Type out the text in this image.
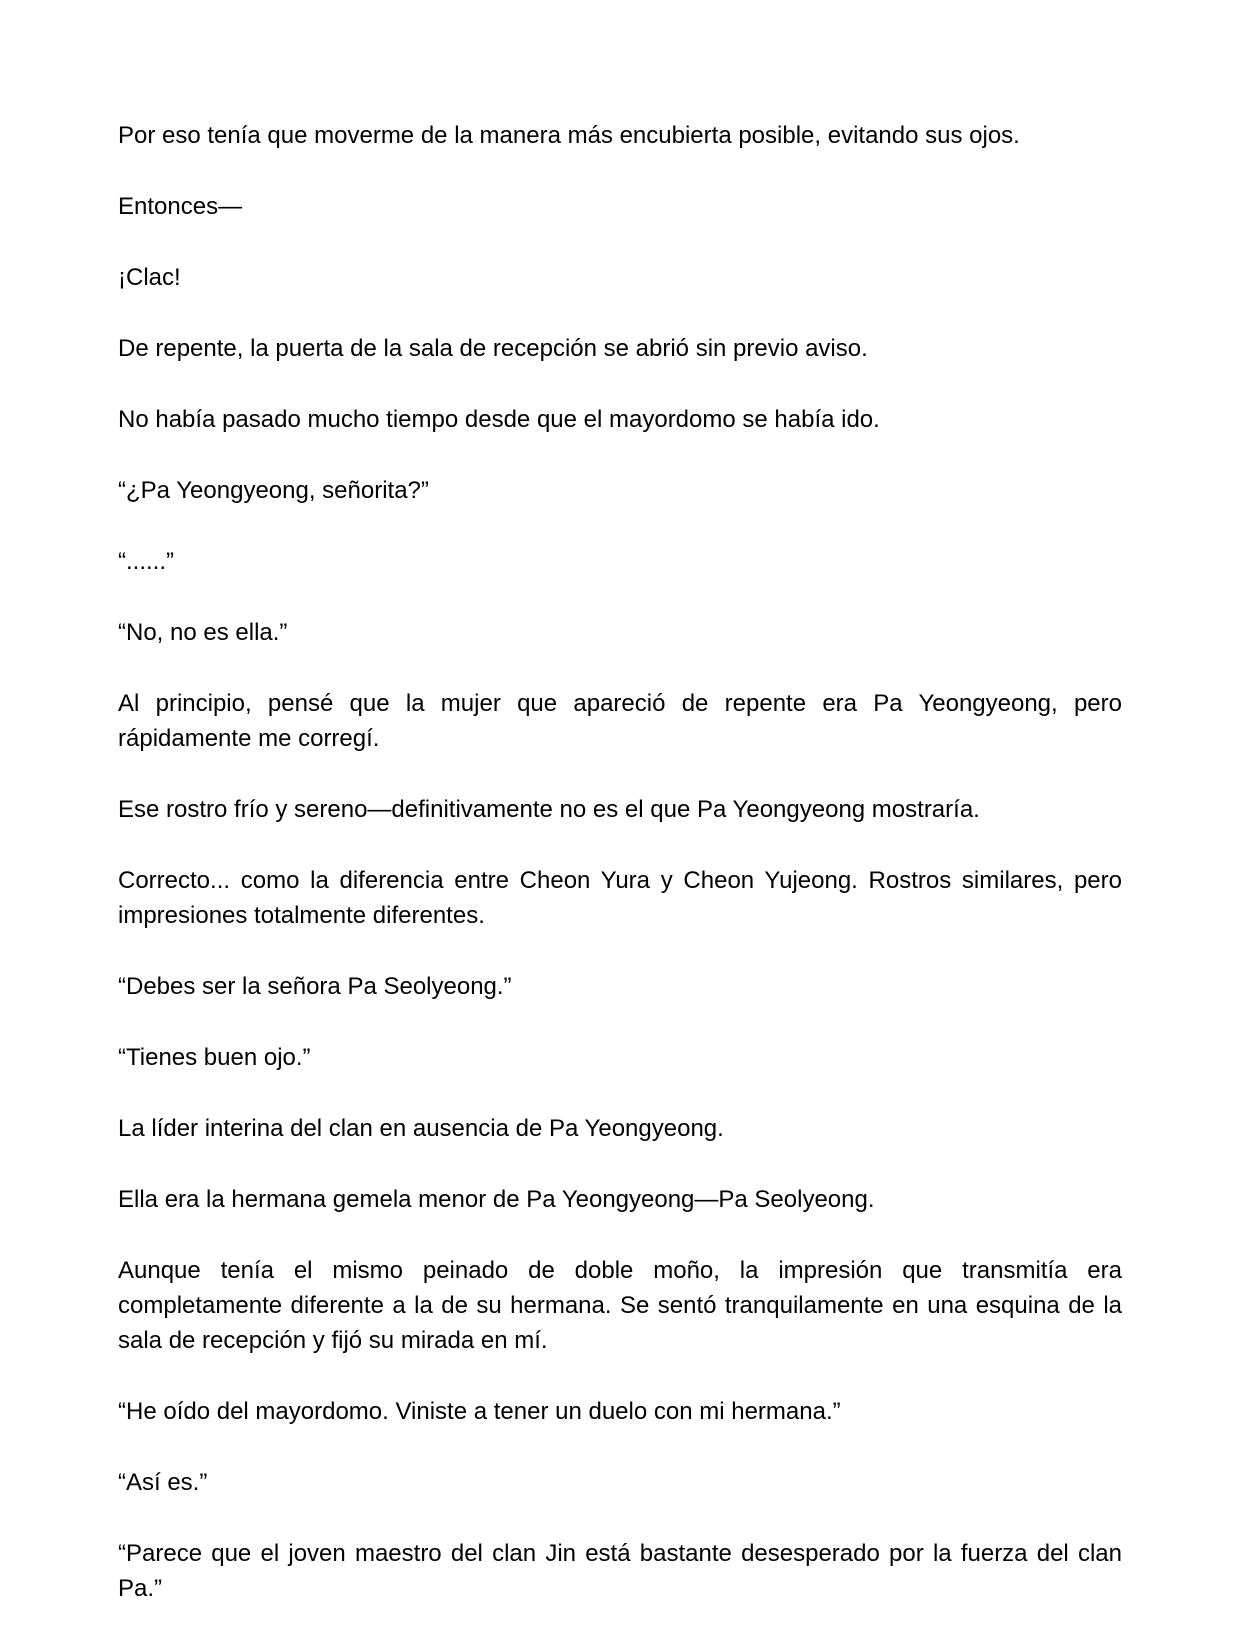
Por eso tenía que moverme de la manera más encubierta posible, evitando sus ojos.

Entonces—

¡Clac!

De repente, la puerta de la sala de recepción se abrió sin previo aviso.

No había pasado mucho tiempo desde que el mayordomo se había ido.

“¿Pa Yeongyeong, señorita?”

“......”

“No, no es ella.”

Al principio, pensé que la mujer que apareció de repente era Pa Yeongyeong, pero rápidamente me corregí.

Ese rostro frío y sereno—definitivamente no es el que Pa Yeongyeong mostraría.

Correcto... como la diferencia entre Cheon Yura y Cheon Yujeong. Rostros similares, pero impresiones totalmente diferentes.

“Debes ser la señora Pa Seolyeong.”

“Tienes buen ojo.”

La líder interina del clan en ausencia de Pa Yeongyeong.

Ella era la hermana gemela menor de Pa Yeongyeong—Pa Seolyeong.

Aunque tenía el mismo peinado de doble moño, la impresión que transmitía era completamente diferente a la de su hermana. Se sentó tranquilamente en una esquina de la sala de recepción y fijó su mirada en mí.

“He oído del mayordomo. Viniste a tener un duelo con mi hermana.”

“Así es.”

“Parece que el joven maestro del clan Jin está bastante desesperado por la fuerza del clan Pa.”
